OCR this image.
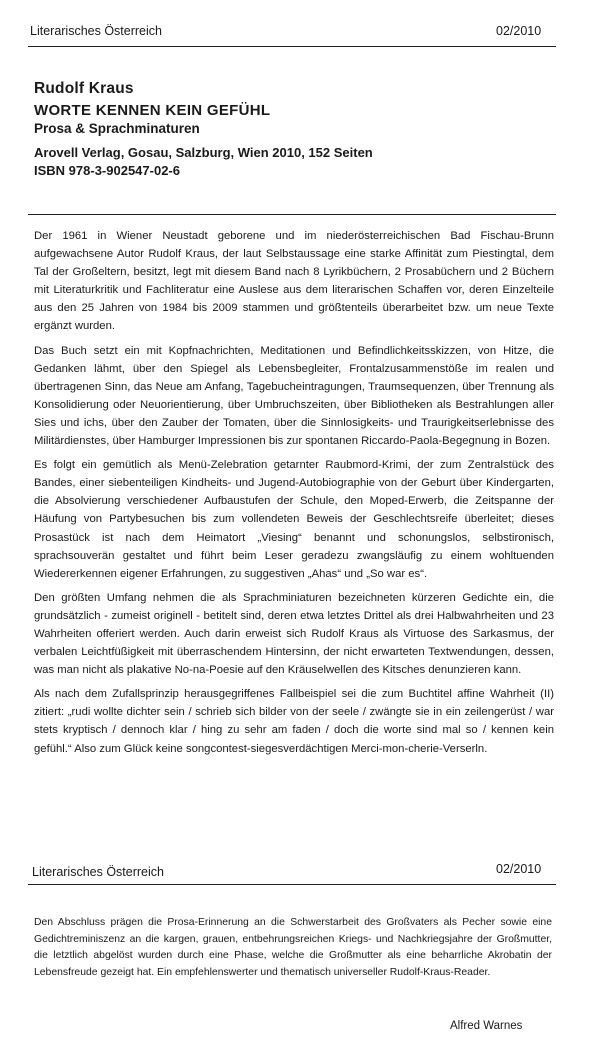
Literarisches Österreich	02/2010
Rudolf Kraus
WORTE KENNEN KEIN GEFÜHL
Prosa & Sprachminaturen
Arovell Verlag, Gosau, Salzburg, Wien 2010, 152 Seiten
ISBN 978-3-902547-02-6

Der 1961 in Wiener Neustadt geborene und im niederösterreichischen Bad Fischau-Brunn aufgewachsene Autor Rudolf Kraus, der laut Selbstaussage eine starke Affinität zum Piestingtal, dem Tal der Großeltern, besitzt, legt mit diesem Band nach 8 Lyrikbüchern, 2 Prosabüchern und 2 Büchern mit Literaturkritik und Fachliteratur eine Auslese aus dem literarischen Schaffen vor, deren Einzelteile aus den 25 Jahren von 1984 bis 2009 stammen und größtenteils überarbeitet bzw. um neue Texte ergänzt wurden.

Das Buch setzt ein mit Kopfnachrichten, Meditationen und Befindlichkeitsskizzen, von Hitze, die Gedanken lähmt, über den Spiegel als Lebensbegleiter, Frontalzusammenstöße im realen und übertragenen Sinn, das Neue am Anfang, Tagebucheintragungen, Traumsequenzen, über Trennung als Konsolidierung oder Neuorientierung, über Umbruchszeiten, über Bibliotheken als Bestrahlungen aller Sies und ichs, über den Zauber der Tomaten, über die Sinnlosigkeits- und Traurigkeitserlebnisse des Militärdienstes, über Hamburger Impressionen bis zur spontanen Riccardo-Paola-Begegnung in Bozen.

Es folgt ein gemütlich als Menü-Zelebration getarnter Raubmord-Krimi, der zum Zentralstück des Bandes, einer siebenteiligen Kindheits- und Jugend-Autobiographie von der Geburt über Kindergarten, die Absolvierung verschiedener Aufbaustufen der Schule, den Moped-Erwerb, die Zeitspanne der Häufung von Partybesuchen bis zum vollendeten Beweis der Geschlechtsreife überleitet; dieses Prosastück ist nach dem Heimatort „Viesing“ benannt und schonungslos, selbstironisch, sprachsouverän gestaltet und führt beim Leser geradezu zwangsläufig zu einem wohltuenden Wiedererkennen eigener Erfahrungen, zu suggestiven „Ahas“ und „So war es“.

Den größten Umfang nehmen die als Sprachminiaturen bezeichneten kürzeren Gedichte ein, die grundsätzlich - zumeist originell - betitelt sind, deren etwa letztes Drittel als drei Halbwahrheiten und 23 Wahrheiten offeriert werden. Auch darin erweist sich Rudolf Kraus als Virtuose des Sarkasmus, der verbalen Leichtfüßigkeit mit überraschendem Hintersinn, der nicht erwarteten Textwendungen, dessen, was man nicht als plakative No-na-Poesie auf den Kräuselwellen des Kitsches denunzieren kann.

Als nach dem Zufallsprinzip herausgegriffenes Fallbeispiel sei die zum Buchtitel affine Wahrheit (II) zitiert: „rudi wollte dichter sein / schrieb sich bilder von der seele / zwängte sie in ein zeilengerüst / war stets kryptisch / dennoch klar / hing zu sehr am faden / doch die worte sind mal so / kennen kein gefühl.“ Also zum Glück keine songcontest-siegesverdächtigen Merci-mon-cherie-Verserln.

Literarisches Österreich	02/2010

Den Abschluss prägen die Prosa-Erinnerung an die Schwerstarbeit des Großvaters als Pecher sowie eine Gedichtreminiszenz an die kargen, grauen, entbehrungsreichen Kriegs- und Nachkriegsjahre der Großmutter, die letztlich abgelöst wurden durch eine Phase, welche die Großmutter als eine beharrliche Akrobatin der Lebensfreude gezeigt hat. Ein empfehlenswerter und thematisch universeller Rudolf-Kraus-Reader.

Alfred Warnes
